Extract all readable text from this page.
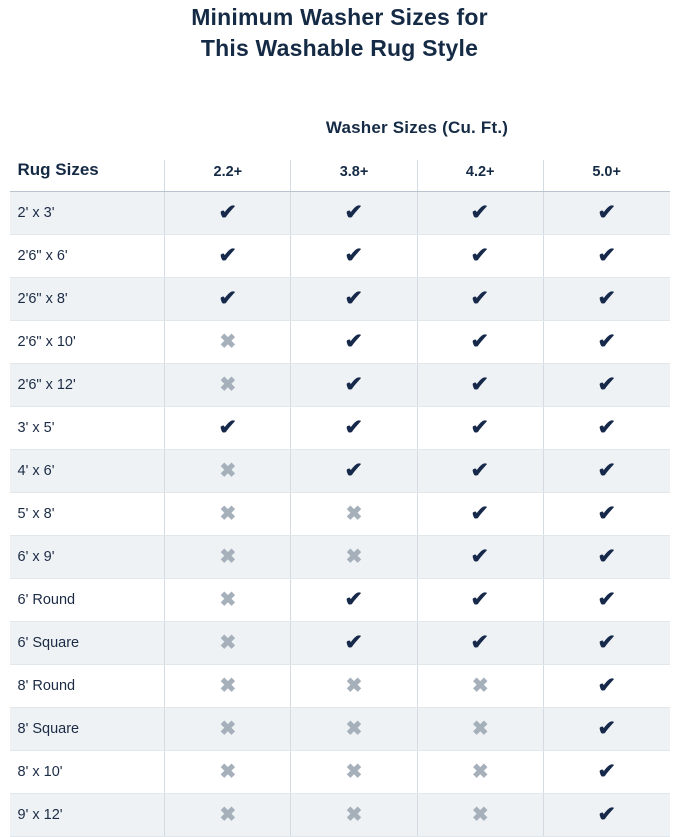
Minimum Washer Sizes for
This Washable Rug Style
Washer Sizes (Cu. Ft.)
Rug Sizes	2.2+	3.8+	4.2+	5.0+
2' x 3'	✔	✔	✔	✔
2'6" x 6'	✔	✔	✔	✔
2'6" x 8'	✔	✔	✔	✔
2'6" x 10'	✖	✔	✔	✔
2'6" x 12'	✖	✔	✔	✔
3' x 5'	✔	✔	✔	✔
4' x 6'	✖	✔	✔	✔
5' x 8'	✖	✖	✔	✔
6' x 9'	✖	✖	✔	✔
6' Round	✖	✔	✔	✔
6' Square	✖	✔	✔	✔
8' Round	✖	✖	✖	✔
8' Square	✖	✖	✖	✔
8' x 10'	✖	✖	✖	✔
9' x 12'	✖	✖	✖	✔
